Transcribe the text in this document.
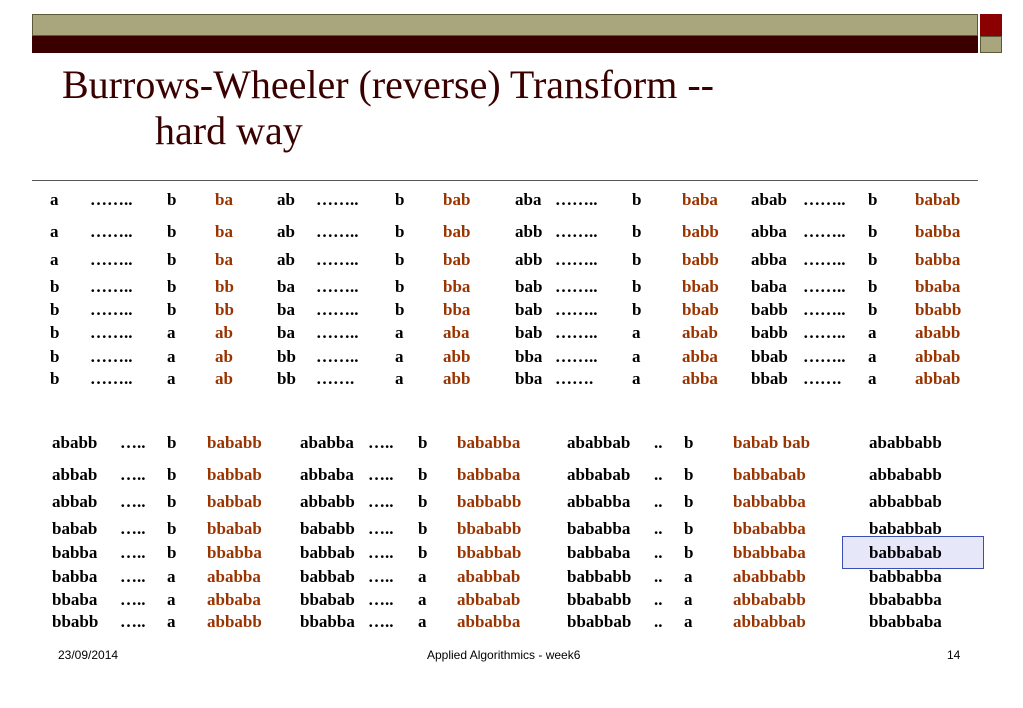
Burrows-Wheeler (reverse) Transform --
hard way
a …….. b ba	ab …….. b bab	aba …….. b baba abab …….. b babab
a …….. b ba	ab …….. b bab	abb …….. b babb abba …….. b babba
a …….. b ba	ab …….. b bab	abb …….. b babb abba …….. b babba
b …….. b bb	ba …….. b bba	bab …….. b bbab baba …….. b bbaba
b …….. b bb	ba …….. b bba	bab …….. b bbab babb …….. b bbabb
b …….. a ab	ba …….. a aba	bab …….. a abab babb …….. a ababb
b …….. a ab	bb …….. a abb	bba …….. a abba bbab …….. a abbab
b …….. a ab	bb ……. a abb	bba ……. a abba bbab ……. a abbab
ababb ….. b bababb ababba ….. b bababba	ababbab .. b babab bab	ababbabb
abbab ….. b babbab abbaba ….. b babbaba	abbabab .. b babbabab	abbababb
abbab ….. b babbab abbabb ….. b babbabb	abbabba .. b babbabba	abbabbab
babab ….. b bbabab bababb ….. b bbababb	bababba .. b bbababba	bababbab
babba ….. b bbabba babbab ….. b bbabbab	babbaba .. b bbabbaba	babbabab
babba ….. a ababba babbab ….. a ababbab	babbabb .. a ababbabb	babbabba
bbaba ….. a abbaba bbabab ….. a abbabab	bbababb .. a abbababb	bbababba
bbabb ….. a abbabb bbabba ….. a abbabba	bbabbab .. a abbabbab	bbabbaba
23/09/2014	Applied Algorithmics - week6	14
